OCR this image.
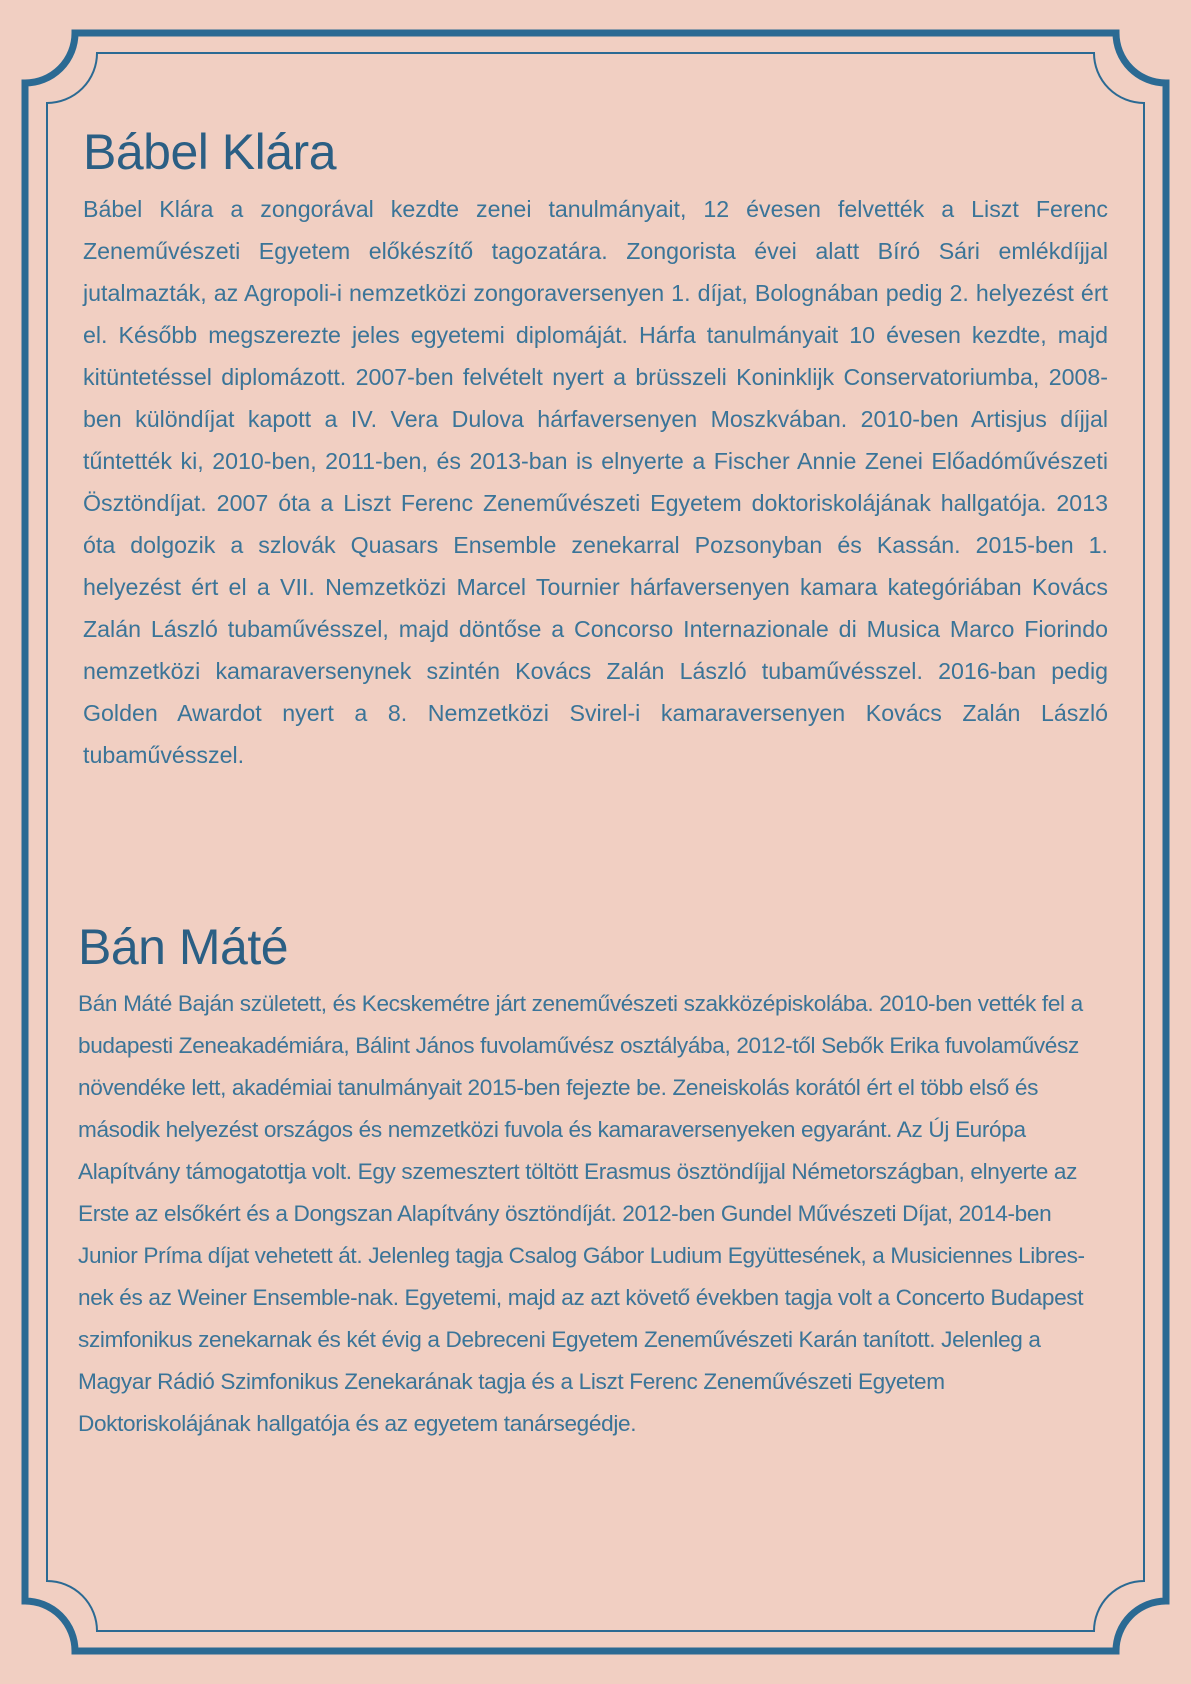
Bábel Klára

Bábel Klára a zongorával kezdte zenei tanulmányait, 12 évesen felvették a Liszt Ferenc Zeneművészeti Egyetem előkészítő tagozatára. Zongorista évei alatt Bíró Sári emlékdíjjal jutalmazták, az Agropoli-i nemzetközi zongoraversenyen 1. díjat, Bolognában pedig 2. helyezést ért el. Később megszerezte jeles egyetemi diplomáját. Hárfa tanulmányait 10 évesen kezdte, majd kitüntetéssel diplomázott. 2007-ben felvételt nyert a brüsszeli Koninklijk Conservatoriumba, 2008-ben különdíjat kapott a IV. Vera Dulova hárfaversenyen Moszkvában. 2010-ben Artisjus díjjal tűntették ki, 2010-ben, 2011-ben, és 2013-ban is elnyerte a Fischer Annie Zenei Előadóművészeti Ösztöndíjat. 2007 óta a Liszt Ferenc Zeneművészeti Egyetem doktoriskolájának hallgatója. 2013 óta dolgozik a szlovák Quasars Ensemble zenekarral Pozsonyban és Kassán. 2015-ben 1. helyezést ért el a VII. Nemzetközi Marcel Tournier hárfaversenyen kamara kategóriában Kovács Zalán László tubaművésszel, majd döntőse a Concorso Internazionale di Musica Marco Fiorindo nemzetközi kamaraversenynek szintén Kovács Zalán László tubaművésszel. 2016-ban pedig Golden Awardot nyert a 8. Nemzetközi Svirel-i kamaraversenyen Kovács Zalán László tubaművésszel.

Bán Máté

Bán Máté Baján született, és Kecskemétre járt zeneművészeti szakközépiskolába. 2010-ben vették fel a budapesti Zeneakadémiára, Bálint János fuvolaművész osztályába, 2012-től Sebők Erika fuvolaművész növendéke lett, akadémiai tanulmányait 2015-ben fejezte be. Zeneiskolás korától ért el több első és második helyezést országos és nemzetközi fuvola és kamaraversenyeken egyaránt. Az Új Európa Alapítvány támogatottja volt. Egy szemesztert töltött Erasmus ösztöndíjjal Németországban, elnyerte az Erste az elsőkért és a Dongszan Alapítvány ösztöndíját. 2012-ben Gundel Művészeti Díjat, 2014-ben Junior Príma díjat vehetett át. Jelenleg tagja Csalog Gábor Ludium Együttesének, a Musiciennes Libres-nek és az Weiner Ensemble-nak. Egyetemi, majd az azt követő években tagja volt a Concerto Budapest szimfonikus zenekarnak és két évig a Debreceni Egyetem Zeneművészeti Karán tanított. Jelenleg a Magyar Rádió Szimfonikus Zenekarának tagja és a Liszt Ferenc Zeneművészeti Egyetem Doktoriskolájának hallgatója és az egyetem tanársegédje.
